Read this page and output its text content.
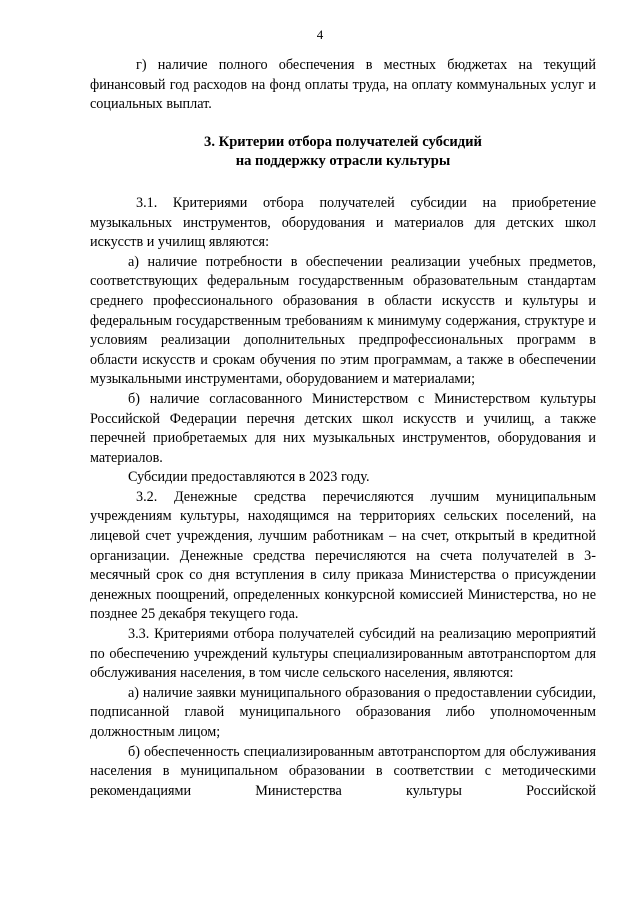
4

г) наличие полного обеспечения в местных бюджетах на текущий финансовый год расходов на фонд оплаты труда, на оплату коммунальных услуг и социальных выплат.

3. Критерии отбора получателей субсидий
на поддержку отрасли культуры

3.1. Критериями отбора получателей субсидии на приобретение музыкальных инструментов, оборудования и материалов для детских школ искусств и училищ являются:

а) наличие потребности в обеспечении реализации учебных предметов, соответствующих федеральным государственным образовательным стандартам среднего профессионального образования в области искусств и культуры и федеральным государственным требованиям к минимуму содержания, структуре и условиям реализации дополнительных предпрофессиональных программ в области искусств и срокам обучения по этим программам, а также в обеспечении музыкальными инструментами, оборудованием и материалами;

б) наличие согласованного Министерством с Министерством культуры Российской Федерации перечня детских школ искусств и училищ, а также перечней приобретаемых для них музыкальных инструментов, оборудования и материалов.

Субсидии предоставляются в 2023 году.

3.2. Денежные средства перечисляются лучшим муниципальным учреждениям культуры, находящимся на территориях сельских поселений, на лицевой счет учреждения, лучшим работникам – на счет, открытый в кредитной организации. Денежные средства перечисляются на счета получателей в 3-месячный срок со дня вступления в силу приказа Министерства о присуждении денежных поощрений, определенных конкурсной комиссией Министерства, но не позднее 25 декабря текущего года.

3.3. Критериями отбора получателей субсидий на реализацию мероприятий по обеспечению учреждений культуры специализированным автотранспортом для обслуживания населения, в том числе сельского населения, являются:

а) наличие заявки муниципального образования о предоставлении субсидии, подписанной главой муниципального образования либо уполномоченным должностным лицом;

б) обеспеченность специализированным автотранспортом для обслуживания населения в муниципальном образовании в соответствии с методическими рекомендациями Министерства культуры Российской
